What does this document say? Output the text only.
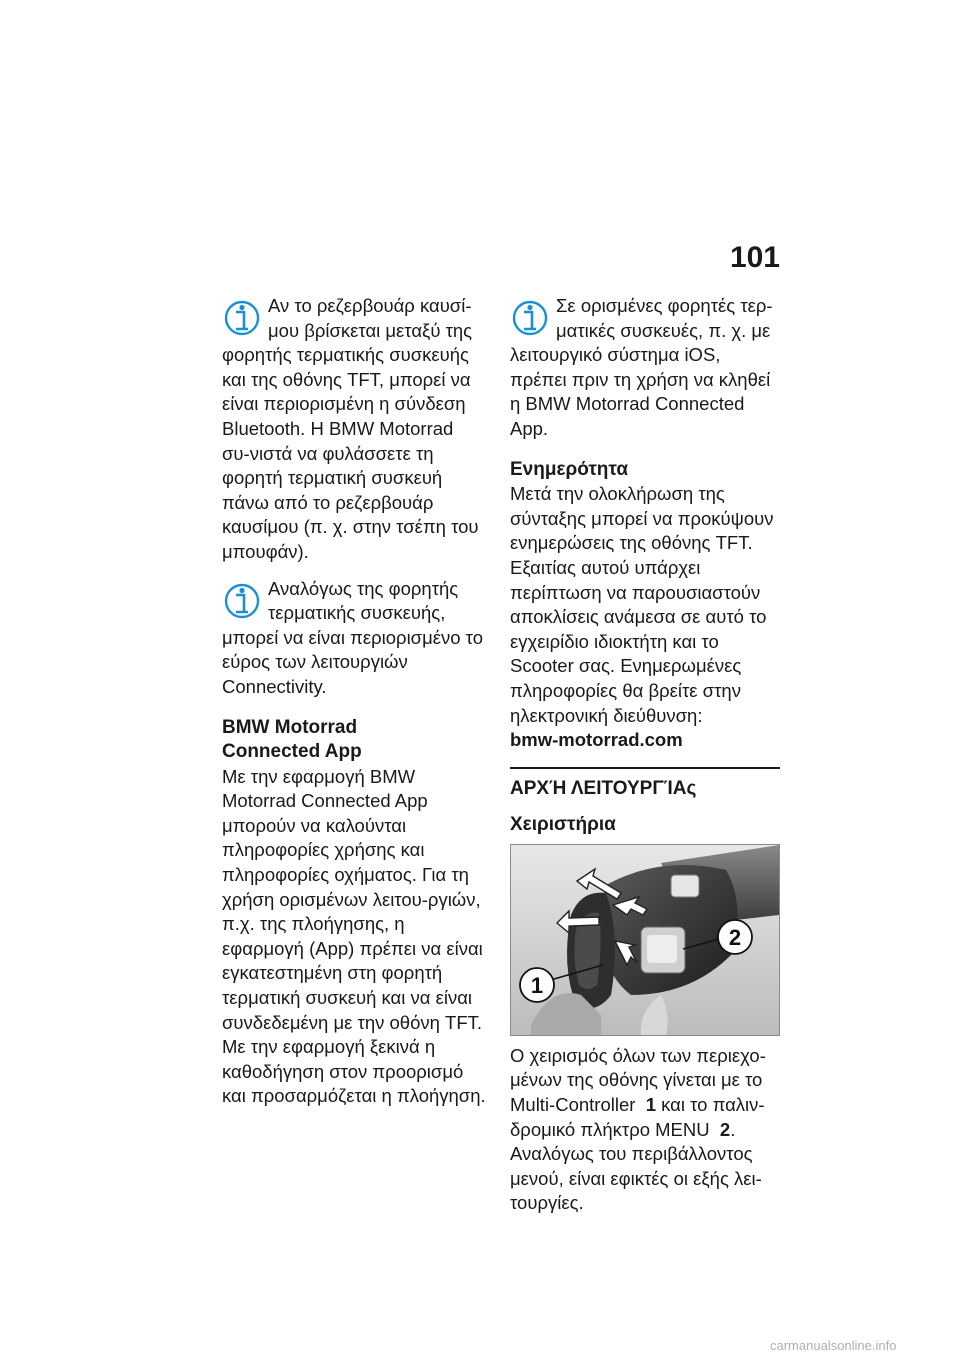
101

Αν το ρεζερβουάρ καυσί-μου βρίσκεται μεταξύ της φορητής τερματικής συσκευής και της οθόνης TFT, μπορεί να είναι περιορισμένη η σύνδεση Bluetooth. Η BMW Motorrad συ-νιστά να φυλάσσετε τη φορητή τερματική συσκευή πάνω από το ρεζερβουάρ καυσίμου (π. χ. στην τσέπη του μπουφάν).

Αναλόγως της φορητής τερματικής συσκευής, μπορεί να είναι περιορισμένο το εύρος των λειτουργιών Connectivity.

BMW Motorrad

Connected App

Με την εφαρμογή BMW Motorrad Connected App μπορούν να καλούνται πληροφορίες χρήσης και πληροφορίες οχήματος. Για τη χρήση ορισμένων λειτου-ργιών, π.χ. της πλοήγησης, η εφαρμογή (App) πρέπει να είναι εγκατεστημένη στη φορητή τερματική συσκευή και να είναι συνδεδεμένη με την οθόνη TFT. Με την εφαρμογή ξεκινά η καθοδήγηση στον προορισμό και προσαρμόζεται η πλοήγηση.

Σε ορισμένες φορητές τερ-ματικές συσκευές, π. χ. με λειτουργικό σύστημα iOS, πρέπει πριν τη χρήση να κληθεί η BMW Motorrad Connected App.

Ενημερότητα

Μετά την ολοκλήρωση της σύνταξης μπορεί να προκύψουν ενημερώσεις της οθόνης TFT. Εξαιτίας αυτού υπάρχει περίπτωση να παρουσιαστούν αποκλίσεις ανάμεσα σε αυτό το εγχειρίδιο ιδιοκτήτη και το Scooter σας. Ενημερωμένες πληροφορίες θα βρείτε στην ηλεκτρονική διεύθυνση:

bmw-motorrad.com

ΑΡΧΉ ΛΕΙΤΟΥΡΓΊΑς

Χειριστήρια

1
2

Ο χειρισμός όλων των περιεχο-μένων της οθόνης γίνεται με το Multi-Controller 1 και το παλιν-δρομικό πλήκτρο MENU 2. Αναλόγως του περιβάλλοντος μενού, είναι εφικτές οι εξής λει-τουργίες.

carmanualsonline.info
